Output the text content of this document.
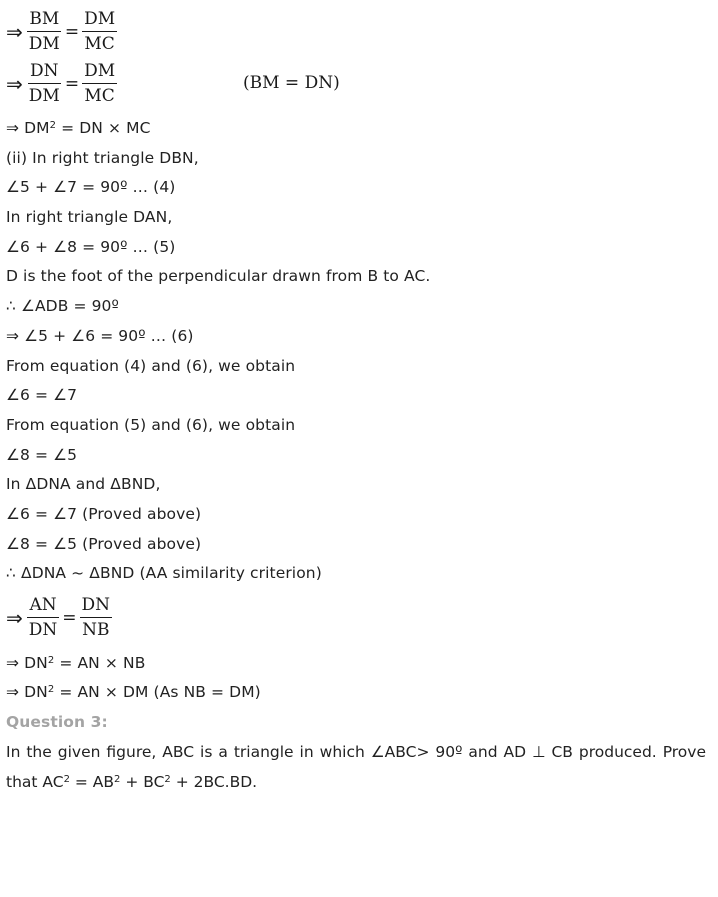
⇒ $\frac{BM}{DM} = \frac{DM}{MC}$
⇒ $\frac{DN}{DM} = \frac{DM}{MC}$	(BM = DN)
⇒ $DM^2$ = DN × MC
(ii) In right triangle DBN,
∠5 + ∠7 = 90º … (4)
In right triangle DAN,
∠6 + ∠8 = 90º … (5)
D is the foot of the perpendicular drawn from B to AC.
∴ ∠ADB = 90º
⇒ ∠5 + ∠6 = 90º … (6)
From equation (4) and (6), we obtain
∠6 = ∠7
From equation (5) and (6), we obtain
∠8 = ∠5
In ΔDNA and ΔBND,
∠6 = ∠7 (Proved above)
∠8 = ∠5 (Proved above)
∴ ΔDNA ~ ΔBND (AA similarity criterion)
⇒ $\frac{AN}{DN} = \frac{DN}{NB}$
⇒ $DN^2$ = AN × NB
⇒ $DN^2$ = AN × DM (As NB = DM)
Question 3:
In the given figure, ABC is a triangle in which ∠ABC> 90º and AD ⊥ CB produced. Prove that $AC^2 = AB^2 + BC^2 + 2BC.BD$.
